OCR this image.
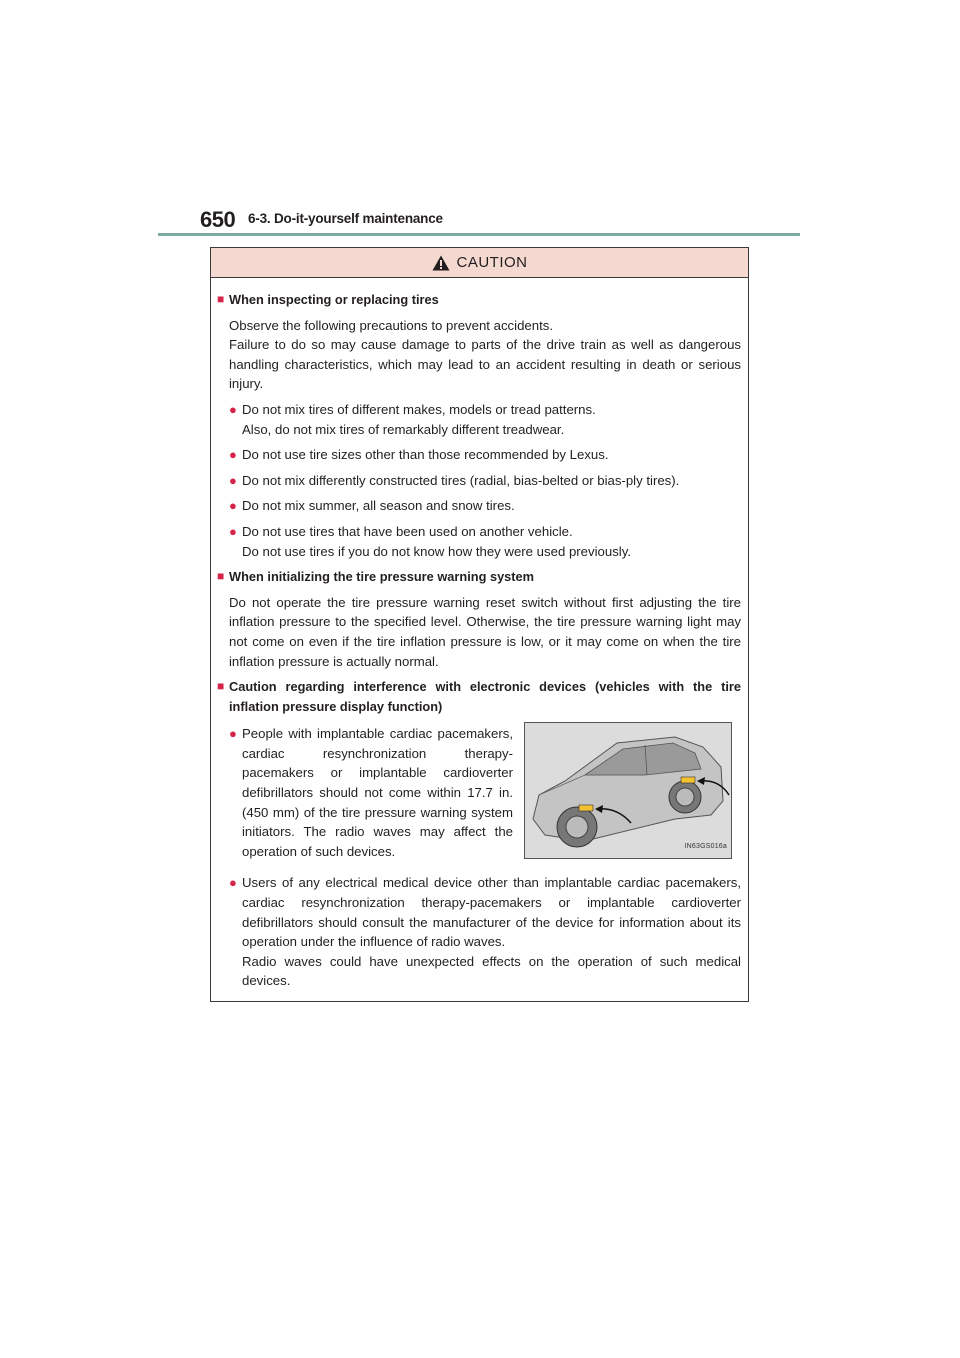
650 6-3. Do-it-yourself maintenance
CAUTION
■ When inspecting or replacing tires

Observe the following precautions to prevent accidents.

Failure to do so may cause damage to parts of the drive train as well as dangerous handling characteristics, which may lead to an accident resulting in death or serious injury.

● Do not mix tires of different makes, models or tread patterns.

Also, do not mix tires of remarkably different treadwear.

● Do not use tire sizes other than those recommended by Lexus.

● Do not mix differently constructed tires (radial, bias-belted or bias-ply tires).

● Do not mix summer, all season and snow tires.

● Do not use tires that have been used on another vehicle.

Do not use tires if you do not know how they were used previously.

■ When initializing the tire pressure warning system

Do not operate the tire pressure warning reset switch without first adjusting the tire inflation pressure to the specified level. Otherwise, the tire pressure warning light may not come on even if the tire inflation pressure is low, or it may come on when the tire inflation pressure is actually normal.

■ Caution regarding interference with electronic devices (vehicles with the tire inflation pressure display function)
● People with implantable cardiac pacemakers, cardiac resynchronization therapy-pacemakers or implantable cardioverter defibrillators should not come within 17.7 in. (450 mm) of the tire pressure warning system initiators. The radio waves may affect the operation of such devices.	IN63GS016a
● Users of any electrical medical device other than implantable cardiac pacemakers, cardiac resynchronization therapy-pacemakers or implantable cardioverter defibrillators should consult the manufacturer of the device for information about its operation under the influence of radio waves.

Radio waves could have unexpected effects on the operation of such medical devices.
